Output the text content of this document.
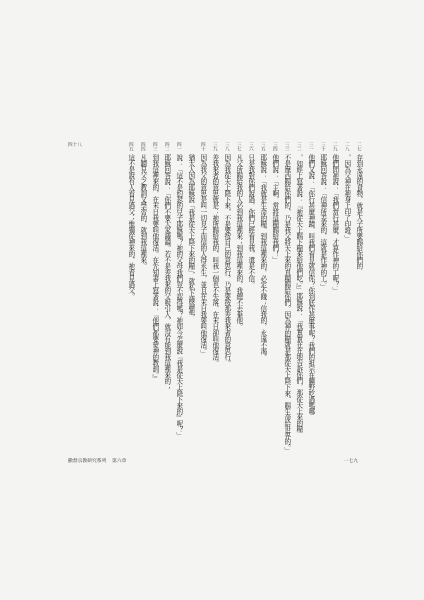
四十八	二七
存到永遠的食物，就是人子所要賜給你們的
二八
，因為父神在祂身上印了印證。」
二九
他們問祂說：「我們當行甚麼，才算作神的工呢？」
三十
耶穌回答說：「信神所差來的，這就是作神的工。」
三一
他們又說：「你行甚麼神蹟，叫我們看見就信你？你到底作甚麼事呢？我們的祖宗在曠野吃過嗎哪
三二
，如經上寫著說：『祂從天上賜下糧來給他們吃。』」耶穌說：「我實實在在地告訴你們，那從天上來的糧
三三
不是摩西賜給你們的，乃是我父將天上來的真糧賜給你們。因為神的糧就是那從天上降下來、賜生命給世界的。」
三四
他們說：「主啊，常將這糧賜給我們！」
三五
耶穌說：「我就是生命的糧。到我這裡來的，必定不餓；信我的，永遠不渴。
三六
只是我對你們說過，你們已經看見我，還是不信。
三七
凡父所賜給我的人必到我這裡來；到我這裡來的，我總不丟棄他。
三八
因為我從天上降下來，不是要按自己的意思行，乃是要按那差我來者的意思行。
三九
差我來者的意思就是：祂所賜給我的，叫我一個也不失落，在末日卻叫他復活。
四十
因為我父的意思是叫一切見子而信的人得永生，並且在末日我要叫他復活。」
猶太人因為耶穌說「我是從天上降下來的糧」，就私下議論祂，
四一
說：「這不是約瑟的兒子耶穌嗎？祂的父母我們豈不認得嗎？祂如今怎麼說『我是從天上降下來的』呢？」
四二
耶穌回答說：「你們不要大家議論。若不是差我來的父吸引人，就沒有能到我這裡來的；
四三
到我這裡來的，在末日我要叫他復活。在先知書上寫著說：『他們都要蒙神的教訓。』
四四
凡聽見父之教訓又學習的，就到我這裡來。
四五
這不是說有人看見過父；惟獨從神來的，祂看見過父。
撒督宗教研究系列 第六章	一七九
